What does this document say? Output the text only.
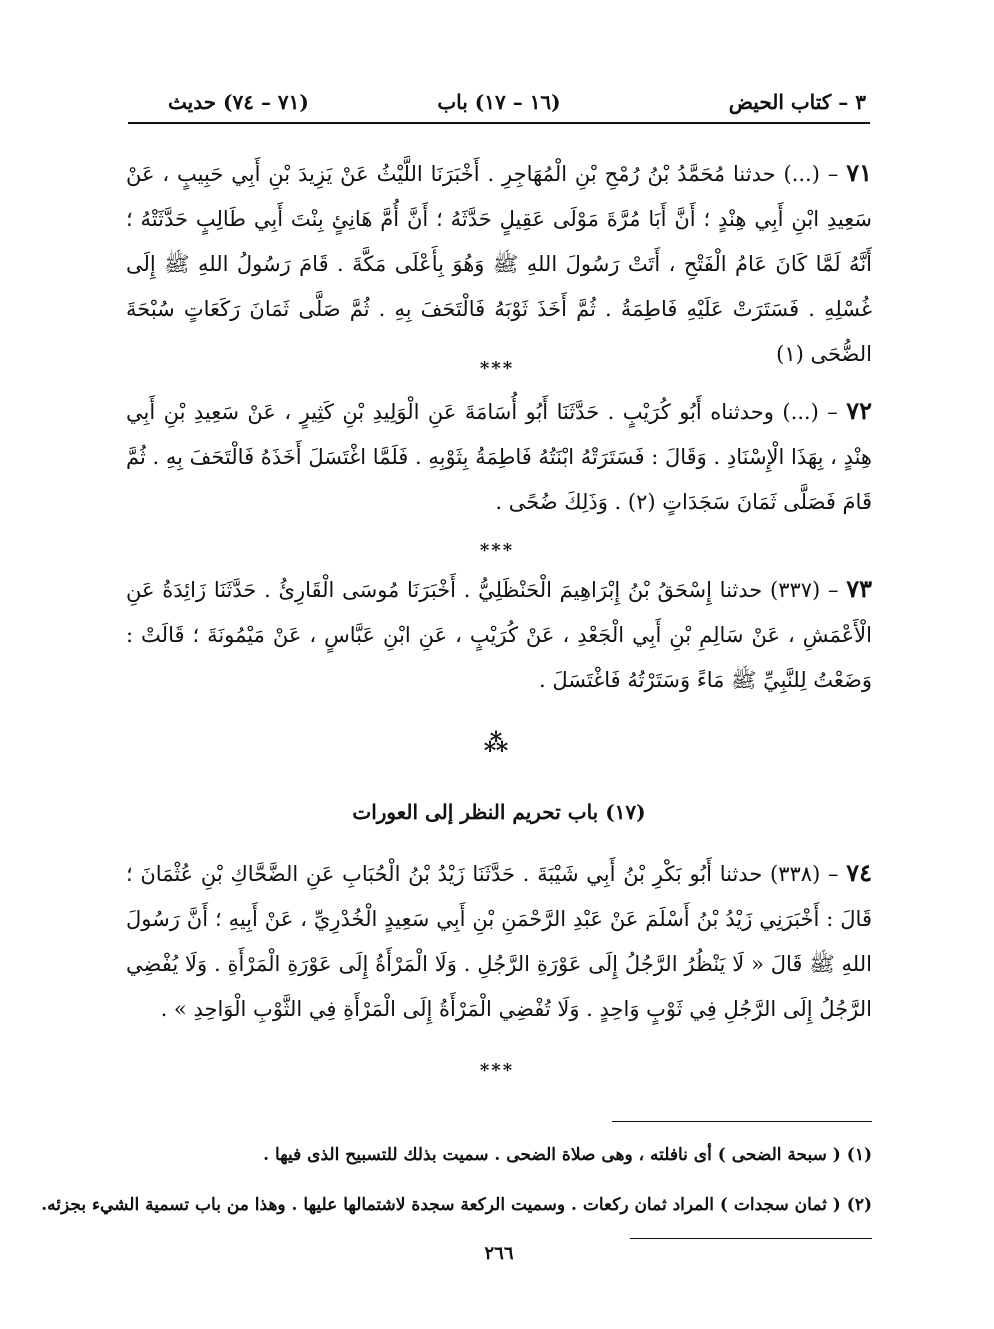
٣ – كتاب الحيض
(١٦ – ١٧) باب
(٧١ – ٧٤) حديث
٧١ – (...) حدثنا مُحَمَّدُ بْنُ رُمْحِ بْنِ الْمُهَاجِرِ . أَخْبَرَنَا اللَّيْثُ عَنْ يَزِيدَ بْنِ أَبِي حَبِيبٍ ، عَنْ سَعِيدِ ابْنِ أَبِي هِنْدٍ ؛ أَنَّ أَبَا مُرَّةَ مَوْلَى عَقِيلٍ حَدَّثَهُ ؛ أَنَّ أُمَّ هَانِئٍ بِنْتَ أَبِي طَالِبٍ حَدَّثَتْهُ ؛ أَنَّهُ لَمَّا كَانَ عَامُ الْفَتْحِ ، أَتَتْ رَسُولَ اللهِ ﷺ وَهُوَ بِأَعْلَى مَكَّةَ . قَامَ رَسُولُ اللهِ ﷺ إِلَى غُسْلِهِ . فَسَتَرَتْ عَلَيْهِ فَاطِمَةُ . ثُمَّ أَخَذَ ثَوْبَهُ فَالْتَحَفَ بِهِ . ثُمَّ صَلَّى ثَمَانَ رَكَعَاتٍ سُبْحَةَ الضُّحَى (١)
***
٧٢ – (...) وحدثناه أَبُو كُرَيْبٍ . حَدَّثَنَا أَبُو أُسَامَةَ عَنِ الْوَلِيدِ بْنِ كَثِيرٍ ، عَنْ سَعِيدِ بْنِ أَبِي هِنْدٍ ، بِهَذَا الْإِسْنَادِ . وَقَالَ : فَسَتَرَتْهُ ابْنَتُهُ فَاطِمَةُ بِثَوْبِهِ . فَلَمَّا اغْتَسَلَ أَخَذَهُ فَالْتَحَفَ بِهِ . ثُمَّ قَامَ فَصَلَّى ثَمَانَ سَجَدَاتٍ (٢) . وَذَلِكَ ضُحًى .
***
٧٣ – (٣٣٧) حدثنا إِسْحَقُ بْنُ إِبْرَاهِيمَ الْحَنْظَلِيُّ . أَخْبَرَنَا مُوسَى الْقَارِئُ . حَدَّثَنَا زَائِدَةُ عَنِ الْأَعْمَشِ ، عَنْ سَالِمِ بْنِ أَبِي الْجَعْدِ ، عَنْ كُرَيْبٍ ، عَنِ ابْنِ عَبَّاسٍ ، عَنْ مَيْمُونَةَ ؛ قَالَتْ : وَضَعْتُ لِلنَّبِيِّ ﷺ مَاءً وَسَتَرْتُهُ فَاغْتَسَلَ .
⁂
(١٧) باب تحريم النظر إلى العورات
٧٤ – (٣٣٨) حدثنا أَبُو بَكْرِ بْنُ أَبِي شَيْبَةَ . حَدَّثَنَا زَيْدُ بْنُ الْحُبَابِ عَنِ الضَّحَّاكِ بْنِ عُثْمَانَ ؛ قَالَ : أَخْبَرَنِي زَيْدُ بْنُ أَسْلَمَ عَنْ عَبْدِ الرَّحْمَنِ بْنِ أَبِي سَعِيدٍ الْخُدْرِيِّ ، عَنْ أَبِيهِ ؛ أَنَّ رَسُولَ اللهِ ﷺ قَالَ « لَا يَنْظُرُ الرَّجُلُ إِلَى عَوْرَةِ الرَّجُلِ . وَلَا الْمَرْأَةُ إِلَى عَوْرَةِ الْمَرْأَةِ . وَلَا يُفْضِي الرَّجُلُ إِلَى الرَّجُلِ فِي ثَوْبٍ وَاحِدٍ . وَلَا تُفْضِي الْمَرْأَةُ إِلَى الْمَرْأَةِ فِي الثَّوْبِ الْوَاحِدِ » .
***
(١) ( سبحة الضحى ) أى نافلته ، وهى صلاة الضحى . سميت بذلك للتسبيح الذى فيها .
(٢) ( ثمان سجدات ) المراد ثمان ركعات . وسميت الركعة سجدة لاشتمالها عليها . وهذا من باب تسمية الشيء بجزئه.
٢٦٦
